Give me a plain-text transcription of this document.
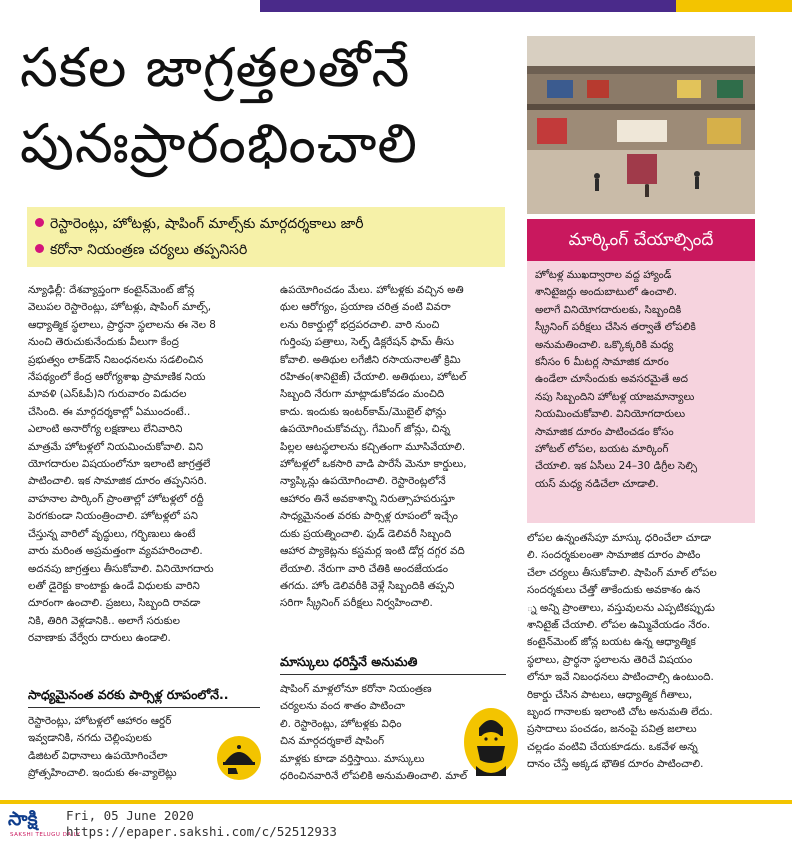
సకల జాగ్రత్తలతోనే
పునఃప్రారంభించాలి
రెస్టారెంట్లు, హోటళ్లు, షాపింగ్ మాల్స్‌కు మార్గదర్శకాలు జారీ
కరోనా నియంత్రణ చర్యలు తప్పనిసరి	మార్కింగ్ చేయాల్సిందే

హోటళ్ల ముఖద్వారాల వద్ద హ్యాండ్

శానిటైజర్లు అందుబాటులో ఉంచాలి.

అలాగే వినియోగదారులకు, సిబ్బందికి

స్క్రీనింగ్ పరీక్షలు చేసిన తర్వాతే లోపలికి

అనుమతించాలి. ఒక్కొక్కరికి మధ్య

కనీసం 6 మీటర్ల సామాజిక దూరం

ఉండేలా చూసేందుకు అవసరమైతే అద

నపు సిబ్బందిని హోటళ్ల యాజమాన్యాలు

నియమించుకోవాలి. వినియోగదారులు

సామాజిక దూరం పాటించడం కోసం

హోటల్ లోపల, బయట మార్కింగ్

చేయాలి. ఇక ఏసీలు 24–30 డిగ్రీల సెల్సి

యస్ మధ్య నడిచేలా చూడాలి.

న్యూఢిల్లీ: దేశవ్యాప్తంగా కంటైన్‌మెంట్ జోన్ల

వెలుపల రెస్టారెంట్లు, హోటళ్లు, షాపింగ్ మాల్స్,

ఆధ్యాత్మిక స్థలాలు, ప్రార్థనా స్థలాలను ఈ నెల 8

నుంచి తెరుచుకునేందుకు వీలుగా కేంద్ర

ప్రభుత్వం లాక్‌డౌన్ నిబంధనలను సడలించిన

నేపథ్యంలో కేంద్ర ఆరోగ్యశాఖ ప్రామాణిక నియ

మావళి (ఎస్‌ఓపీ)ని గురువారం విడుదల

చేసింది. ఈ మార్గదర్శకాల్లో ఏముందంటే..

ఎలాంటి అనారోగ్య లక్షణాలు లేనివారిని

మాత్రమే హోటళ్లలో నియమించుకోవాలి. విని

యోగదారుల విషయంలోనూ ఇలాంటి జాగ్రత్తలే

పాటించాలి. ఇక సామాజిక దూరం తప్పనిసరి.

వాహనాల పార్కింగ్ ప్రాంతాల్లో హోటళ్లలో రద్దీ

పెరగకుండా నియంత్రించాలి. హోటళ్లలో పని

చేస్తున్న వారిలో వృద్ధులు, గర్భిణులు ఉంటే

వారు మరింత అప్రమత్తంగా వ్యవహరించాలి.

అదనపు జాగ్రత్తలు తీసుకోవాలి. వినియోగదారు

లతో డైరెక్టు కాంటాక్టు ఉండే విధులకు వారిని

దూరంగా ఉంచాలి. ప్రజలు, సిబ్బంది రావడా

నికి, తిరిగి వెళ్లడానికి.. అలాగే సరుకుల

రవాణాకు వేర్వేరు దారులు ఉండాలి.

సాధ్యమైనంత వరకు పార్సిళ్ల రూపంలోనే..

రెస్టారెంట్లు, హోటళ్లలో ఆహారం ఆర్డర్

ఇవ్వడానికి, నగదు చెల్లింపులకు

డిజిటల్ విధానాలు ఉపయోగించేలా

ప్రోత్సహించాలి. ఇందుకు ఈ-వ్యాలెట్లు

ఉపయోగించడం మేలు. హోటళ్లకు వచ్చిన అతి

థుల ఆరోగ్యం, ప్రయాణ చరిత్ర వంటి వివరా

లను రికార్డుల్లో భద్రపరచాలి. వారి నుంచి

గుర్తింపు పత్రాలు, సెల్ఫ్ డిక్లరేషన్ ఫామ్ తీసు

కోవాలి. అతిథుల లగేజీని రసాయనాలతో క్రిమి

రహితం(శానిటైజ్) చేయాలి. అతిథులు, హోటల్

సిబ్బంది నేరుగా మాట్లాడుకోవడం మంచిది

కాదు. ఇందుకు ఇంటర్‌కామ్/మొబైల్ ఫోన్లు

ఉపయోగించుకోవచ్చు. గేమింగ్ జోన్లు, చిన్న

పిల్లల ఆటస్థలాలను కచ్చితంగా మూసివేయాలి.

హోటళ్లలో ఒకసారి వాడి పారేసే మెనూ కార్డులు,

న్యాప్కిన్లు ఉపయోగించాలి. రెస్టారెంట్లలోనే

ఆహారం తినే అవకాశాన్ని నిరుత్సాహపరుస్తూ

సాధ్యమైనంత వరకు పార్సిళ్ల రూపంలో ఇచ్చేం

దుకు ప్రయత్నించాలి. ఫుడ్ డెలివరీ సిబ్బంది

ఆహార ప్యాకెట్లను కస్టమర్ల ఇంటి డోర్ల దగ్గర వది

లేయాలి. నేరుగా వారి చేతికి అందజేయడం

తగదు. హోం డెలివరీకి వెళ్లే సిబ్బందికి తప్పని

సరిగా స్క్రీనింగ్ పరీక్షలు నిర్వహించాలి.

మాస్కులు ధరిస్తేనే అనుమతి

షాపింగ్ మాళ్లలోనూ కరోనా నియంత్రణ

చర్యలను వంద శాతం పాటించా

లి. రెస్టారెంట్లు, హోటళ్లకు విధిం

చిన మార్గదర్శకాలే షాపింగ్

మాళ్లకు కూడా వర్తిస్తాయి. మాస్కులు

ధరించినవారినే లోపలికి అనుమతించాలి. మాల్

లోపల ఉన్నంతసేపూ మాస్కు ధరించేలా చూడా

లి. సందర్శకులంతా సామాజిక దూరం పాటిం

చేలా చర్యలు తీసుకోవాలి. షాపింగ్ మాల్ లోపల

సందర్శకులు చేత్తో తాకేందుకు అవకాశం ఉన

్న అన్ని ప్రాంతాలు, వస్తువులను ఎప్పటికప్పుడు

శానిటైజ్ చేయాలి. లోపల ఉమ్మివేయడం నేరం.

కంటైన్‌మెంట్ జోన్ల బయట ఉన్న ఆధ్యాత్మిక

స్థలాలు, ప్రార్థనా స్థలాలను తెరిచే విషయం

లోనూ ఇవే నిబంధనలు పాటించాల్సి ఉంటుంది.

రికార్డు చేసిన పాటలు, ఆధ్యాత్మిక గీతాలు,

బృంద గానాలకు ఇలాంటి చోట అనుమతి లేదు.

ప్రసాదాలు పంచడం, జనంపై పవిత్ర జలాలు

చల్లడం వంటివి చేయకూడదు. ఒకవేళ అన్న

దానం చేస్తే అక్కడ భౌతిక దూరం పాటించాలి.

సాక్షి
SAKSHI TELUGU DAILY
Fri, 05 June 2020
https://epaper.sakshi.com/c/52512933
